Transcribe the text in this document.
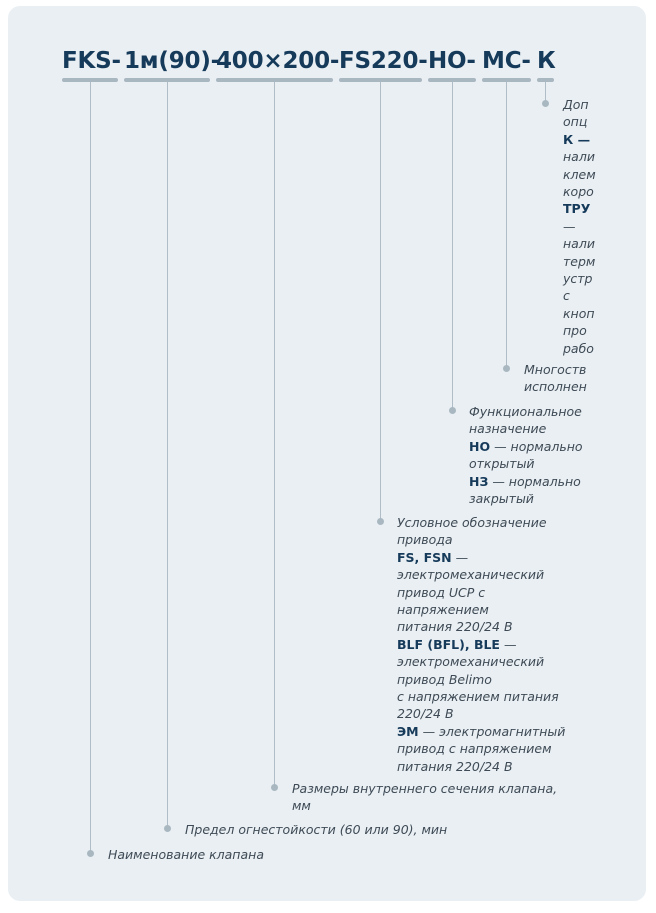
FKS- 1м(90)-
400×200- FS220- НО- МС- К
Доп
опц
К —
нали
клем
коро
ТРУ
—
нали
терм
устр
с
кноп
про
рабо
Многоств
исполнен
Функциональное
назначение
НО — нормально
открытый
НЗ — нормально
закрытый
Условное обозначение
привода
FS, FSN —
электромеханический
привод UCP с
напряжением
питания 220/24 В
BLF (BFL), BLE —
электромеханический
привод Belimo
с напряжением питания
220/24 В
ЭМ — электромагнитный
привод с напряжением
питания 220/24 В
Размеры внутреннего сечения клапана,
мм
Предел огнестойкости (60 или 90), мин
Наименование клапана
